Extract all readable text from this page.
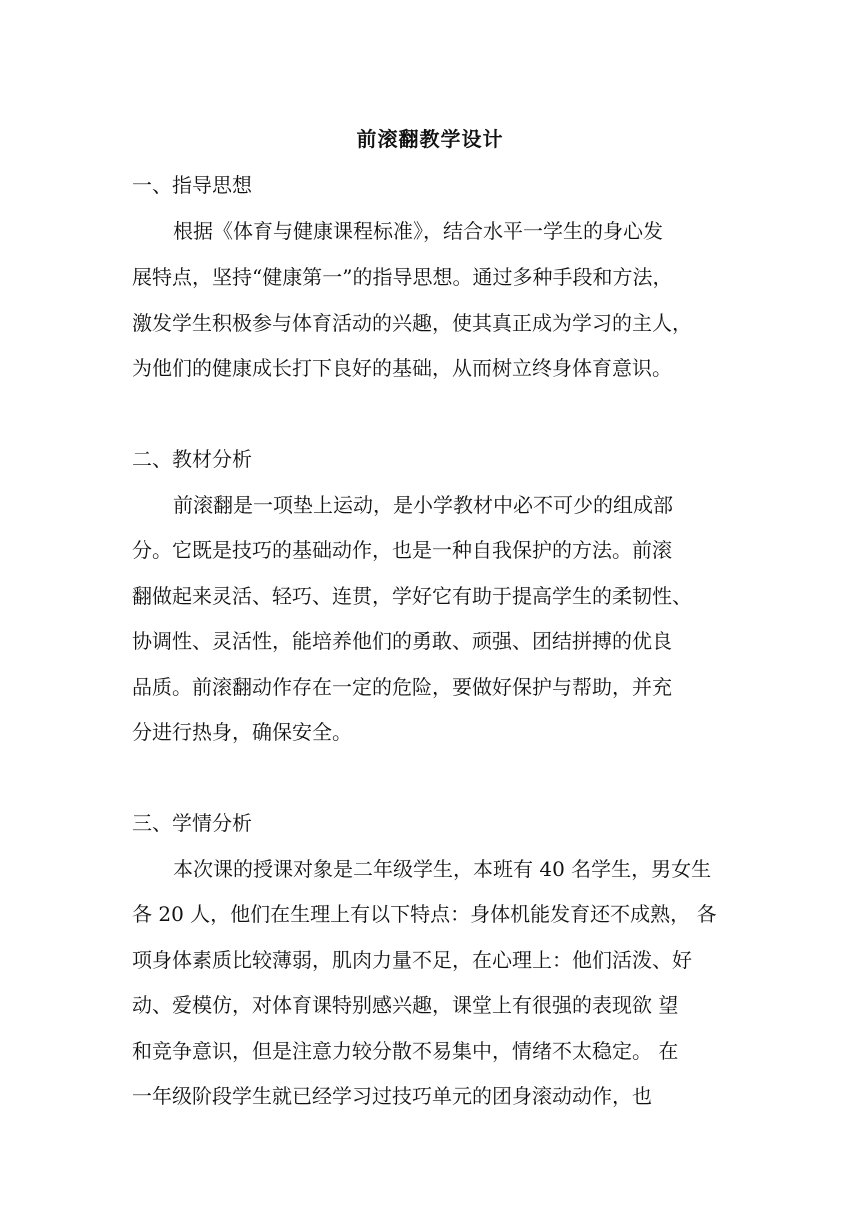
前滚翻教学设计
一、指导思想
根据《体育与健康课程标准》，结合水平一学生的身心发
展特点，坚持“健康第一”的指导思想。通过多种手段和方法，
激发学生积极参与体育活动的兴趣，使其真正成为学习的主人，
为他们的健康成长打下良好的基础，从而树立终身体育意识。
二、教材分析
前滚翻是一项垫上运动，是小学教材中必不可少的组成部
分。它既是技巧的基础动作，也是一种自我保护的方法。前滚
翻做起来灵活、轻巧、连贯，学好它有助于提高学生的柔韧性、
协调性、灵活性，能培养他们的勇敢、顽强、团结拼搏的优良
品质。前滚翻动作存在一定的危险，要做好保护与帮助，并充
分进行热身，确保安全。
三、学情分析
本次课的授课对象是二年级学生，本班有 40 名学生，男女生
各 20 人，他们在生理上有以下特点：身体机能发育还不成熟， 各
项身体素质比较薄弱，肌肉力量不足，在心理上：他们活泼、好
动、爱模仿，对体育课特别感兴趣，课堂上有很强的表现欲 望
和竞争意识，但是注意力较分散不易集中，情绪不太稳定。 在
一年级阶段学生就已经学习过技巧单元的团身滚动动作，也
